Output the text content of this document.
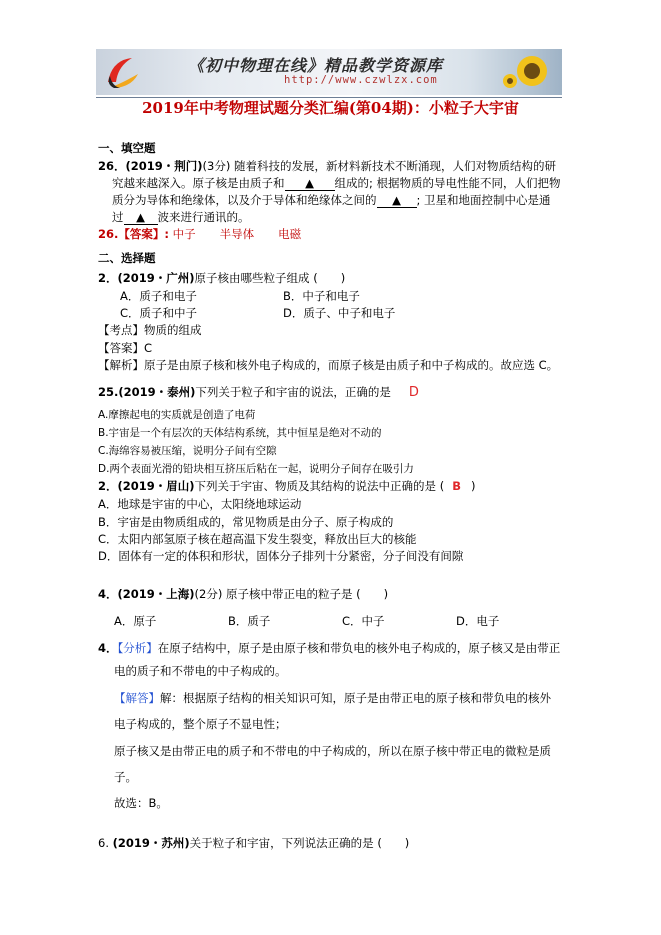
《初中物理在线》精品教学资源库
http://www.czwlzx.com
2019年中考物理试题分类汇编(第04期)：小粒子大宇宙
一、填空题
26．(2019・荆门)(3分) 随着科技的发展，新材料新技术不断涌现，人们对物质结构的研
究越来越深入。原子核是由质子和 ▲ 组成的; 根据物质的导电性能不同，人们把物
质分为导体和绝缘体，以及介于导体和绝缘体之间的 ▲ ; 卫星和地面控制中心是通
过 ▲ 波来进行通讯的。
26.【答案】: 中子 半导体 电磁
二、选择题
2．(2019・广州)原子核由哪些粒子组成 (　　)
A．质子和电子	B．中子和电子
C．质子和中子	D．质子、中子和电子
【考点】物质的组成
【答案】C
【解析】原子是由原子核和核外电子构成的，而原子核是由质子和中子构成的。故应选 C。
25.(2019・泰州)下列关于粒子和宇宙的说法，正确的是 D
A.摩擦起电的实质就是创造了电荷
B.宇宙是一个有层次的天体结构系统，其中恒星是绝对不动的
C.海绵容易被压缩，说明分子间有空隙
D.两个表面光滑的铅块相互挤压后粘在一起，说明分子间存在吸引力
2．(2019・眉山)下列关于宇宙、物质及其结构的说法中正确的是 ( B )
A．地球是宇宙的中心，太阳绕地球运动
B．宇宙是由物质组成的，常见物质是由分子、原子构成的
C．太阳内部氢原子核在超高温下发生裂变，释放出巨大的核能
D．固体有一定的体积和形状，固体分子排列十分紧密，分子间没有间隙
4．(2019・上海)(2分) 原子核中带正电的粒子是 (　　)
A．原子	B．质子	C．中子	D．电子
4．【分析】在原子结构中，原子是由原子核和带负电的核外电子构成的，原子核又是由带正
电的质子和不带电的中子构成的。
【解答】解：根据原子结构的相关知识可知，原子是由带正电的原子核和带负电的核外
电子构成的，整个原子不显电性；
原子核又是由带正电的质子和不带电的中子构成的，所以在原子核中带正电的微粒是质
子。
故选：B。
6. (2019・苏州)关于粒子和宇宙，下列说法正确的是 (　　)
